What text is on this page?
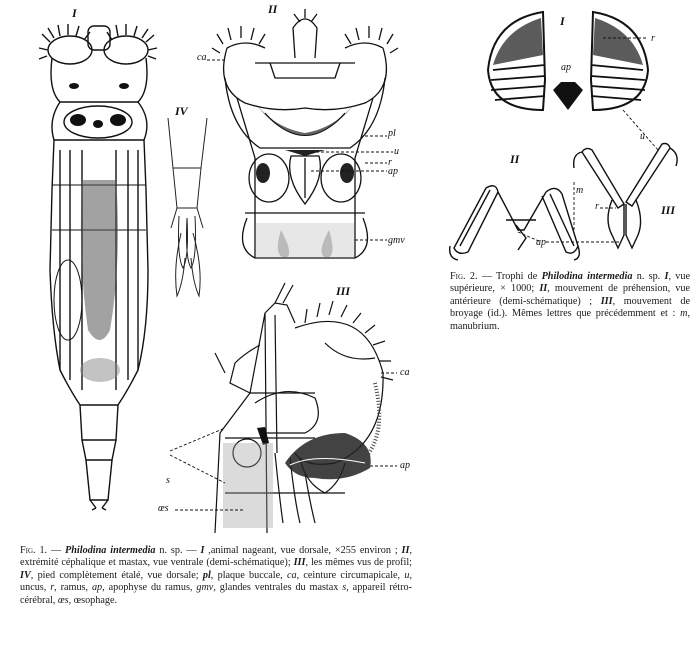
I
IV
II
ca
pl
u
r
ap
gmv
III
ca
ap
s
œs
Fig. 1. — Philodina intermedia n. sp. — I ,animal nageant, vue dorsale, ×255 environ ; II, extrémité céphalique et mastax, vue ventrale (demi-schématique); III, les mêmes vus de profil; IV, pied complètement étalé, vue dorsale; pl, plaque buccale, ca, ceinture circumapicale, u, uncus, r, ramus, ap, apophyse du ramus, gmv, glandes ventrales du mastax s, appareil rétro-cérébral, œs, œsophage.
I
r
ap
u
II
m
ap
III
r
Fig. 2. — Trophi de Philodina intermedia n. sp. I, vue supérieure, × 1000; II, mouvement de préhension, vue antérieure (demi-schématique) ; III, mouvement de broyage (id.). Mêmes lettres que précédemment et : m, manubrium.
